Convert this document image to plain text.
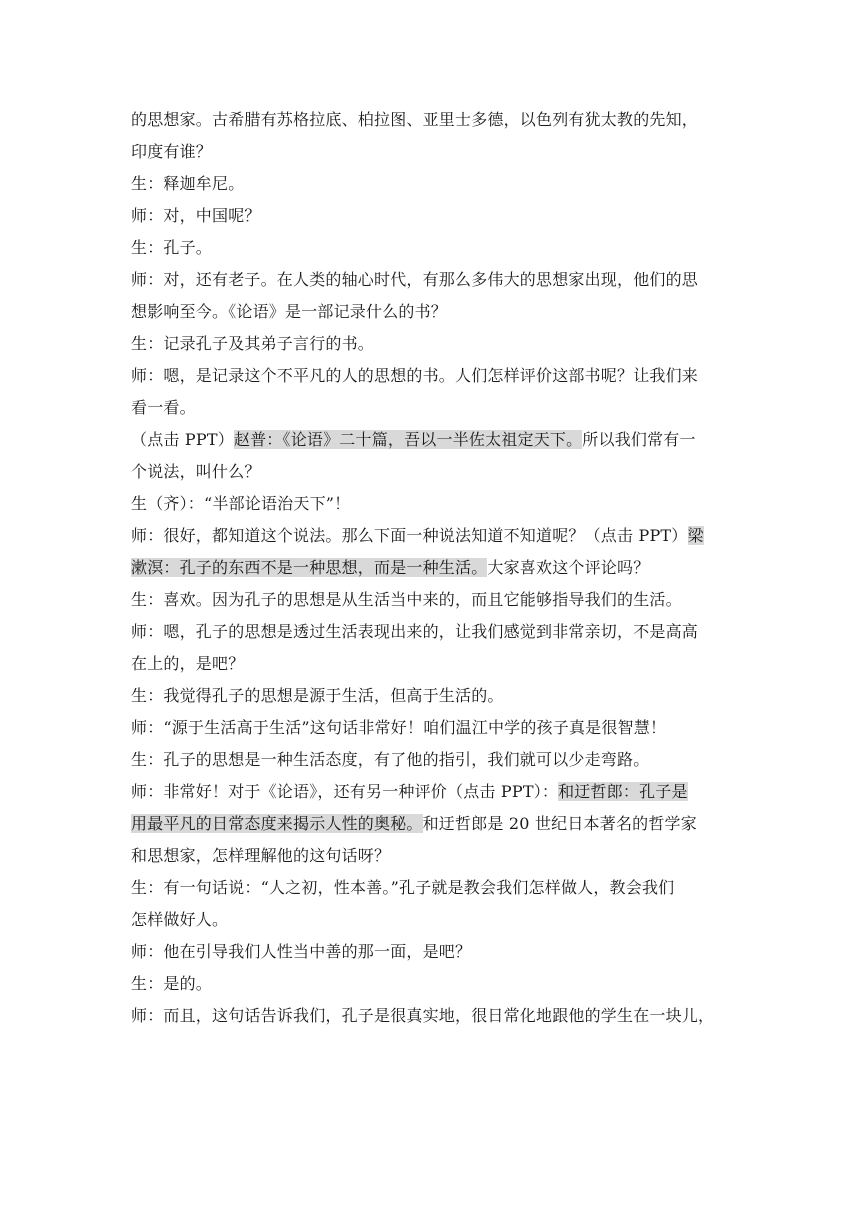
的思想家。古希腊有苏格拉底、柏拉图、亚里士多德，以色列有犹太教的先知，
印度有谁？
生：释迦牟尼。
师：对，中国呢？
生：孔子。
师：对，还有老子。在人类的轴心时代，有那么多伟大的思想家出现，他们的思
想影响至今。《论语》是一部记录什么的书？
生：记录孔子及其弟子言行的书。
师：嗯，是记录这个不平凡的人的思想的书。人们怎样评价这部书呢？让我们来
看一看。
（点击 PPT）赵普：《论语》二十篇，吾以一半佐太祖定天下。所以我们常有一
个说法，叫什么？
生（齐）：“半部论语治天下”！
师：很好，都知道这个说法。那么下面一种说法知道不知道呢？（点击 PPT）梁
漱溟：孔子的东西不是一种思想，而是一种生活。大家喜欢这个评论吗？
生：喜欢。因为孔子的思想是从生活当中来的，而且它能够指导我们的生活。
师：嗯，孔子的思想是透过生活表现出来的，让我们感觉到非常亲切，不是高高
在上的，是吧？
生：我觉得孔子的思想是源于生活，但高于生活的。
师：“源于生活高于生活”这句话非常好！咱们温江中学的孩子真是很智慧！
生：孔子的思想是一种生活态度，有了他的指引，我们就可以少走弯路。
师：非常好！对于《论语》，还有另一种评价（点击 PPT）：和迂哲郎：孔子是
用最平凡的日常态度来揭示人性的奥秘。和迂哲郎是 20 世纪日本著名的哲学家
和思想家，怎样理解他的这句话呀？
生：有一句话说：“人之初，性本善。”孔子就是教会我们怎样做人，教会我们
怎样做好人。
师：他在引导我们人性当中善的那一面，是吧？
生：是的。
师：而且，这句话告诉我们，孔子是很真实地，很日常化地跟他的学生在一块儿，
